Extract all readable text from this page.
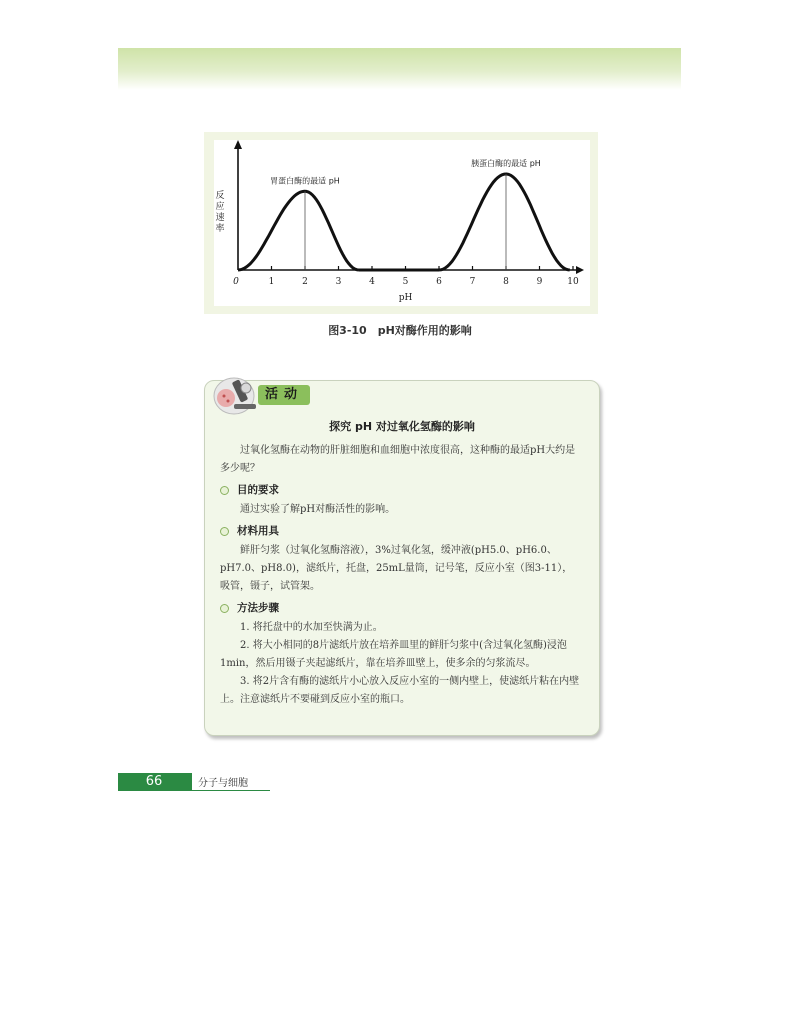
0	1	2	3	4	5	6	7	8	9	10
pH
反应速率
胃蛋白酶的最适 pH
胰蛋白酶的最适 pH
图3-10　pH对酶作用的影响
活动
探究 pH 对过氧化氢酶的影响

过氧化氢酶在动物的肝脏细胞和血细胞中浓度很高，这种酶的最适pH大约是多少呢？

目的要求

通过实验了解pH对酶活性的影响。

材料用具

鲜肝匀浆（过氧化氢酶溶液），3%过氧化氢，缓冲液(pH5.0、pH6.0、pH7.0、pH8.0)，滤纸片，托盘，25mL量筒，记号笔，反应小室（图3-11），吸管，镊子，试管架。

方法步骤

1. 将托盘中的水加至快满为止。

2. 将大小相同的8片滤纸片放在培养皿里的鲜肝匀浆中(含过氧化氢酶)浸泡1min，然后用镊子夹起滤纸片，靠在培养皿壁上，使多余的匀浆流尽。

3. 将2片含有酶的滤纸片小心放入反应小室的一侧内壁上，使滤纸片粘在内壁上。注意滤纸片不要碰到反应小室的瓶口。

66	分子与细胞
